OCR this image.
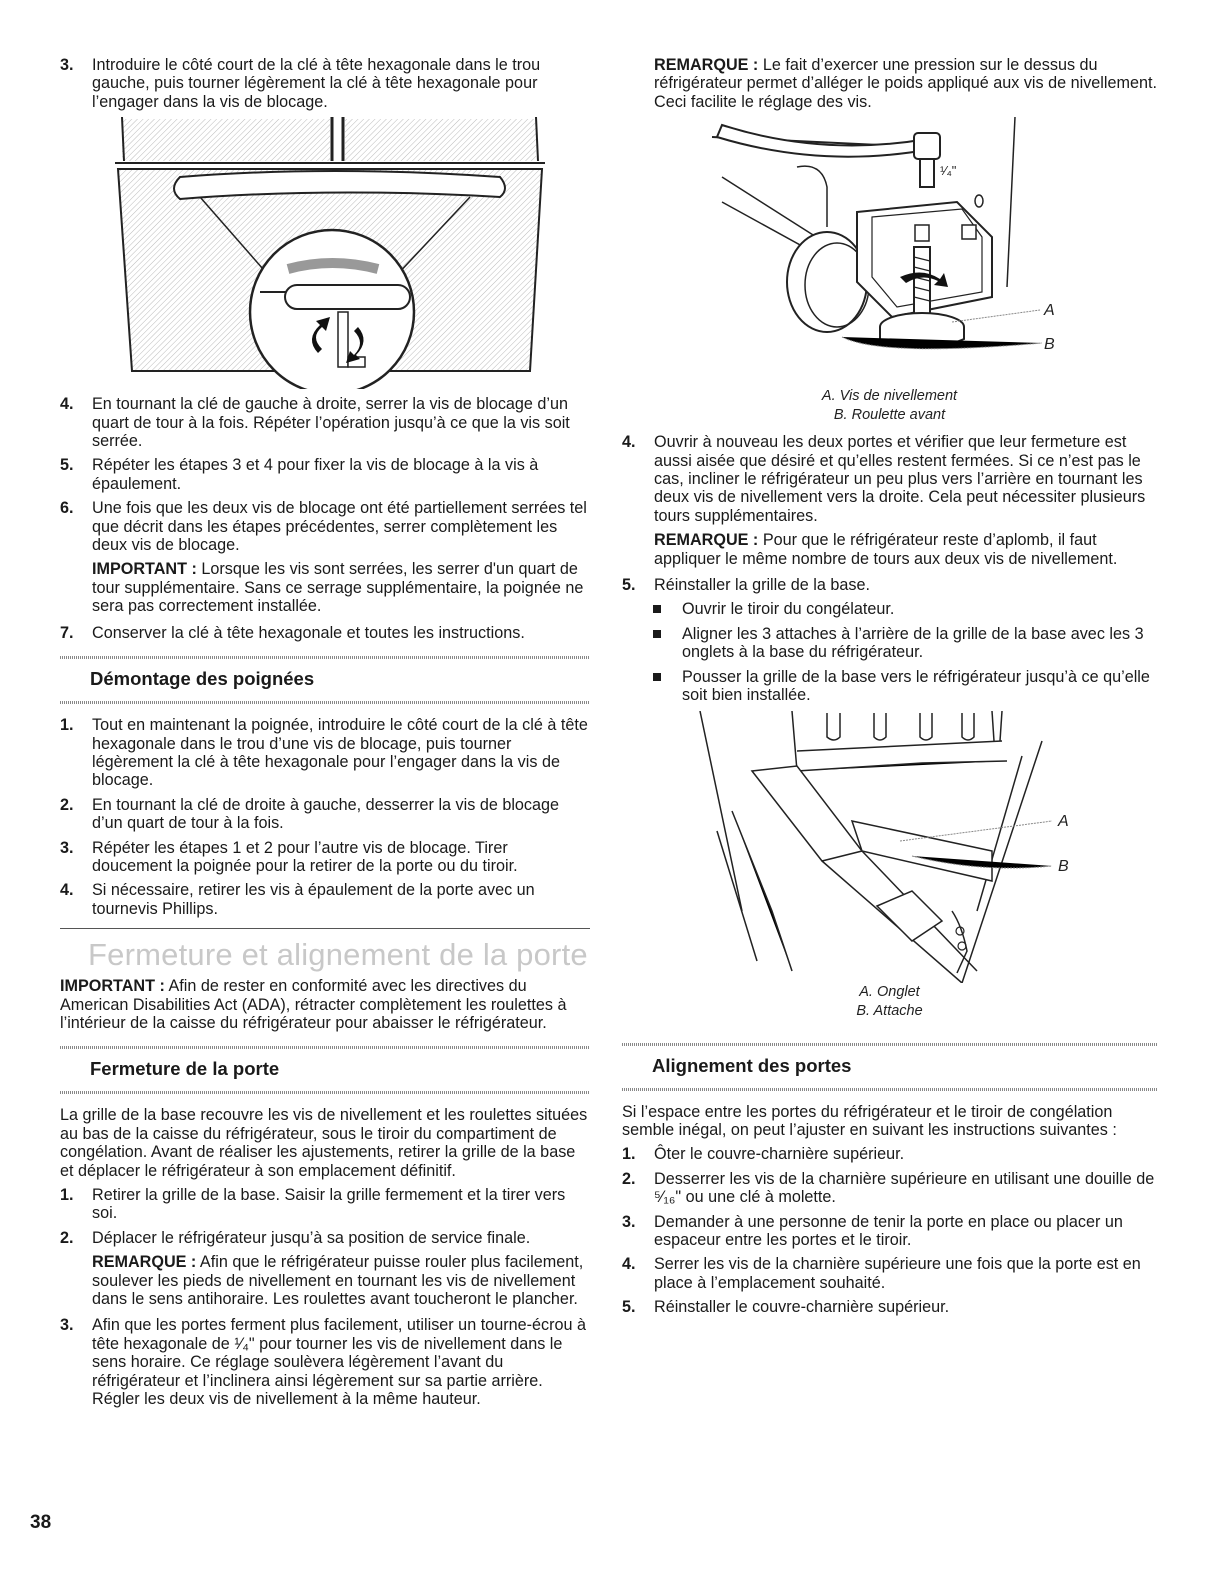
3. Introduire le côté court de la clé à tête hexagonale dans le trou gauche, puis tourner légèrement la clé à tête hexagonale pour l’engager dans la vis de blocage.
4. En tournant la clé de gauche à droite, serrer la vis de blocage d’un quart de tour à la fois. Répéter l’opération jusqu’à ce que la vis soit serrée.
5. Répéter les étapes 3 et 4 pour fixer la vis de blocage à la vis à épaulement.
6. Une fois que les deux vis de blocage ont été partiellement serrées tel que décrit dans les étapes précédentes, serrer complètement les deux vis de blocage.

IMPORTANT : Lorsque les vis sont serrées, les serrer d'un quart de tour supplémentaire. Sans ce serrage supplémentaire, la poignée ne sera pas correctement installée.

7. Conserver la clé à tête hexagonale et toutes les instructions.
Démontage des poignées
1. Tout en maintenant la poignée, introduire le côté court de la clé à tête hexagonale dans le trou d’une vis de blocage, puis tourner légèrement la clé à tête hexagonale pour l’engager dans la vis de blocage.
2. En tournant la clé de droite à gauche, desserrer la vis de blocage d’un quart de tour à la fois.
3. Répéter les étapes 1 et 2 pour l’autre vis de blocage. Tirer doucement la poignée pour la retirer de la porte ou du tiroir.
4. Si nécessaire, retirer les vis à épaulement de la porte avec un tournevis Phillips.
Fermeture et alignement de la porte

IMPORTANT : Afin de rester en conformité avec les directives du American Disabilities Act (ADA), rétracter complètement les roulettes à l’intérieur de la caisse du réfrigérateur pour abaisser le réfrigérateur.

Fermeture de la porte

La grille de la base recouvre les vis de nivellement et les roulettes situées au bas de la caisse du réfrigérateur, sous le tiroir du compartiment de congélation. Avant de réaliser les ajustements, retirer la grille de la base et déplacer le réfrigérateur à son emplacement définitif.

1. Retirer la grille de la base. Saisir la grille fermement et la tirer vers soi.
2. Déplacer le réfrigérateur jusqu’à sa position de service finale.

REMARQUE : Afin que le réfrigérateur puisse rouler plus facilement, soulever les pieds de nivellement en tournant les vis de nivellement dans le sens antihoraire. Les roulettes avant toucheront le plancher.

3. Afin que les portes ferment plus facilement, utiliser un tourne-écrou à tête hexagonale de ¹⁄₄" pour tourner les vis de nivellement dans le sens horaire. Ce réglage soulèvera légèrement l’avant du réfrigérateur et l’inclinera ainsi légèrement sur sa partie arrière. Régler les deux vis de nivellement à la même hauteur.

REMARQUE : Le fait d’exercer une pression sur le dessus du réfrigérateur permet d’alléger le poids appliqué aux vis de nivellement. Ceci facilite le réglage des vis.

¹⁄₄"
A
B
A. Vis de nivellement
B. Roulette avant
4. Ouvrir à nouveau les deux portes et vérifier que leur fermeture est aussi aisée que désiré et qu’elles restent fermées. Si ce n’est pas le cas, incliner le réfrigérateur un peu plus vers l’arrière en tournant les deux vis de nivellement vers la droite. Cela peut nécessiter plusieurs tours supplémentaires.

REMARQUE : Pour que le réfrigérateur reste d’aplomb, il faut appliquer le même nombre de tours aux deux vis de nivellement.

5. Réinstaller la grille de la base.
Ouvrir le tiroir du congélateur.
Aligner les 3 attaches à l’arrière de la grille de la base avec les 3 onglets à la base du réfrigérateur.
Pousser la grille de la base vers le réfrigérateur jusqu’à ce qu’elle soit bien installée.
A
B
A. Onglet
B. Attache
Alignement des portes

Si l’espace entre les portes du réfrigérateur et le tiroir de congélation semble inégal, on peut l’ajuster en suivant les instructions suivantes :

1. Ôter le couvre-charnière supérieur.
2. Desserrer les vis de la charnière supérieure en utilisant une douille de ⁵⁄₁₆" ou une clé à molette.
3. Demander à une personne de tenir la porte en place ou placer un espaceur entre les portes et le tiroir.
4. Serrer les vis de la charnière supérieure une fois que la porte est en place à l’emplacement souhaité.
5. Réinstaller le couvre-charnière supérieur.
38
